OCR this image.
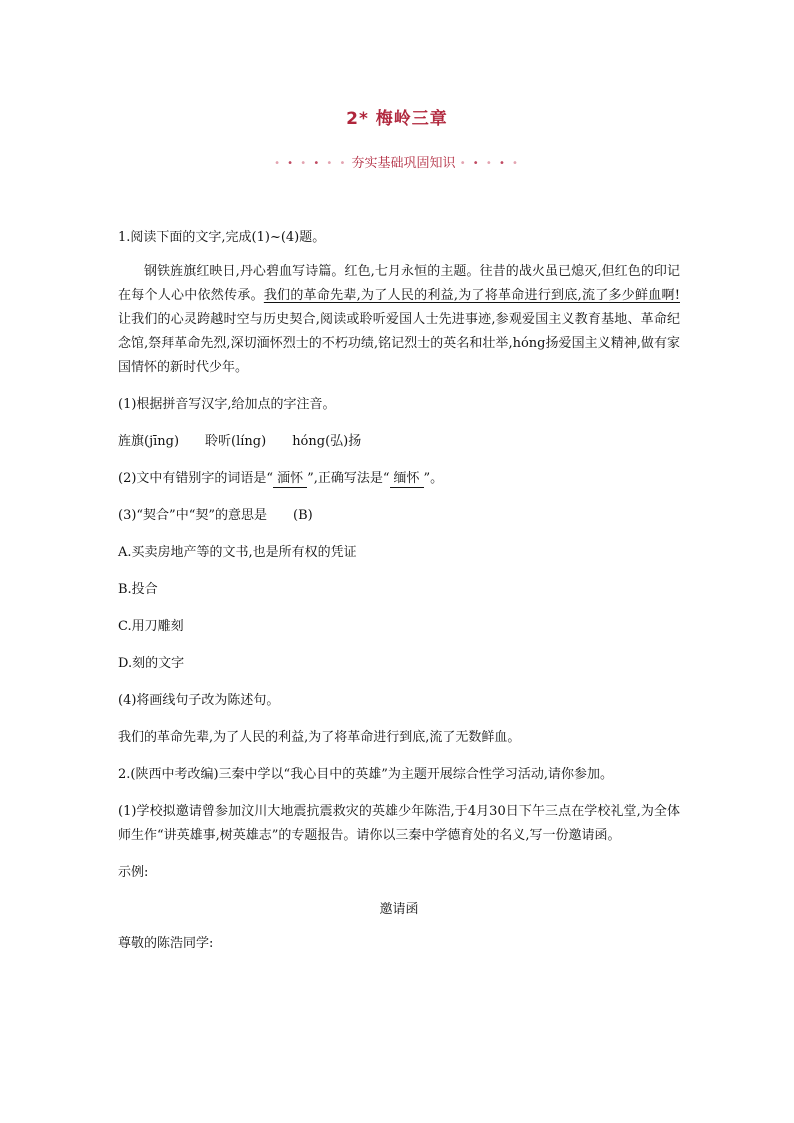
2* 梅岭三章
• • • • • • 夯实基础巩固知识 • • • • •

1.阅读下面的文字,完成(1)~(4)题。

钢铁旌旗红映日,丹心碧血写诗篇。红色,七月永恒的主题。往昔的战火虽已熄灭,但红色的印记在每个人心中依然传承。我们的革命先辈,为了人民的利益,为了将革命进行到底,流了多少鲜血啊!让我们的心灵跨越时空与历史契合,阅读或聆听爱国人士先进事迹,参观爱国主义教育基地、革命纪念馆,祭拜革命先烈,深切湎怀烈士的不朽功绩,铭记烈士的英名和壮举,hóng扬爱国主义精神,做有家国情怀的新时代少年。

(1)根据拼音写汉字,给加点的字注音。

旌旗(jīng) 聆听(líng) hóng(弘)扬

(2)文中有错别字的词语是“ 湎怀 ”,正确写法是“ 缅怀 ”。

(3)“契合”中“契”的意思是 (B)

A.买卖房地产等的文书,也是所有权的凭证

B.投合

C.用刀雕刻

D.刻的文字

(4)将画线句子改为陈述句。

我们的革命先辈,为了人民的利益,为了将革命进行到底,流了无数鲜血。

2.(陕西中考改编)三秦中学以“我心目中的英雄”为主题开展综合性学习活动,请你参加。

(1)学校拟邀请曾参加汶川大地震抗震救灾的英雄少年陈浩,于4月30日下午三点在学校礼堂,为全体师生作“讲英雄事,树英雄志”的专题报告。请你以三秦中学德育处的名义,写一份邀请函。

示例:

邀请函

尊敬的陈浩同学:
